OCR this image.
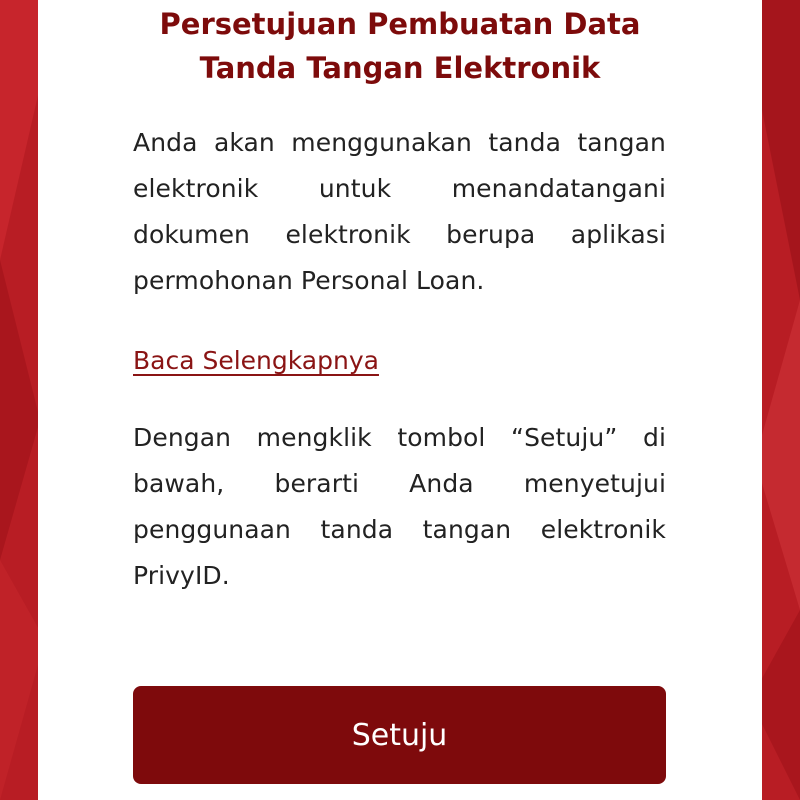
Persetujuan Pembuatan Data
Tanda Tangan Elektronik

Anda akan menggunakan tanda tangan elektronik untuk menandatangani dokumen elektronik berupa aplikasi permohonan Personal Loan.

Baca Selengkapnya

Dengan mengklik tombol “Setuju” di bawah, berarti Anda menyetujui penggunaan tanda tangan elektronik PrivyID.

Setuju
